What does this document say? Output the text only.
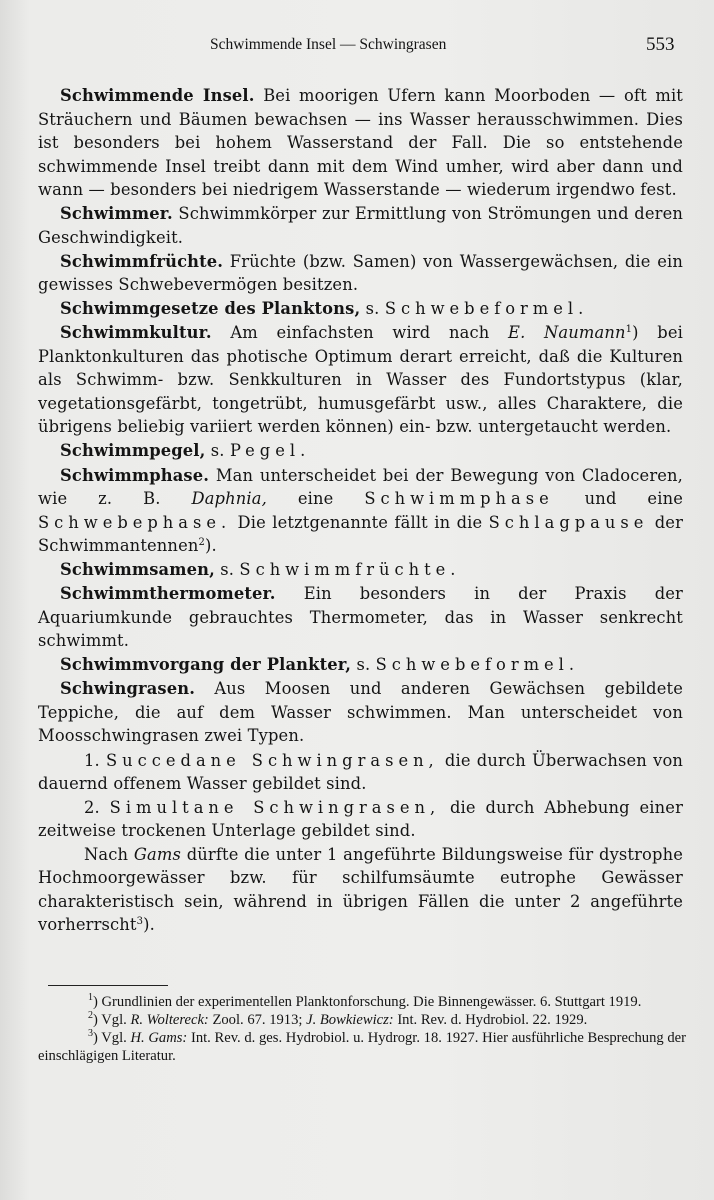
Schwimmende Insel — Schwingrasen	553

Schwimmende Insel. Bei moorigen Ufern kann Moorboden — oft mit Sträuchern und Bäumen bewachsen — ins Wasser herausschwimmen. Dies ist besonders bei hohem Wasserstand der Fall. Die so entstehende schwimmende Insel treibt dann mit dem Wind umher, wird aber dann und wann — besonders bei niedrigem Wasserstande — wiederum irgendwo fest.

Schwimmer. Schwimmkörper zur Ermittlung von Strömungen und deren Geschwindigkeit.

Schwimmfrüchte. Früchte (bzw. Samen) von Wassergewächsen, die ein gewisses Schwebevermögen besitzen.

Schwimmgesetze des Planktons, s. Schwebeformel.

Schwimmkultur. Am einfachsten wird nach E. Naumann$^1$) bei Planktonkulturen das photische Optimum derart erreicht, daß die Kulturen als Schwimm- bzw. Senkkulturen in Wasser des Fundortstypus (klar, vegetationsgefärbt, tongetrübt, humusgefärbt usw., alles Charaktere, die übrigens beliebig variiert werden können) ein- bzw. untergetaucht werden.

Schwimmpegel, s. Pegel.

Schwimmphase. Man unterscheidet bei der Bewegung von Cladoceren, wie z. B. Daphnia, eine Schwimmphase und eine Schwebephase. Die letztgenannte fällt in die Schlagpause der Schwimmantennen$^2$).

Schwimmsamen, s. Schwimmfrüchte.

Schwimmthermometer. Ein besonders in der Praxis der Aquariumkunde gebrauchtes Thermometer, das in Wasser senkrecht schwimmt.

Schwimmvorgang der Plankter, s. Schwebeformel.

Schwingrasen. Aus Moosen und anderen Gewächsen gebildete Teppiche, die auf dem Wasser schwimmen. Man unterscheidet von Moosschwingrasen zwei Typen.

1. Succedane Schwingrasen, die durch Überwachsen von dauernd offenem Wasser gebildet sind.

2. Simultane Schwingrasen, die durch Abhebung einer zeitweise trockenen Unterlage gebildet sind.

Nach Gams dürfte die unter 1 angeführte Bildungsweise für dystrophe Hochmoorgewässer bzw. für schilfumsäumte eutrophe Gewässer charakteristisch sein, während in übrigen Fällen die unter 2 angeführte vorherrscht$^3$).

$^1$) Grundlinien der experimentellen Planktonforschung. Die Binnengewässer. 6. Stuttgart 1919.

$^2$) Vgl. R. Woltereck: Zool. 67. 1913; J. Bowkiewicz: Int. Rev. d. Hydrobiol. 22. 1929.

$^3$) Vgl. H. Gams: Int. Rev. d. ges. Hydrobiol. u. Hydrogr. 18. 1927. Hier ausführliche Besprechung der einschlägigen Literatur.
